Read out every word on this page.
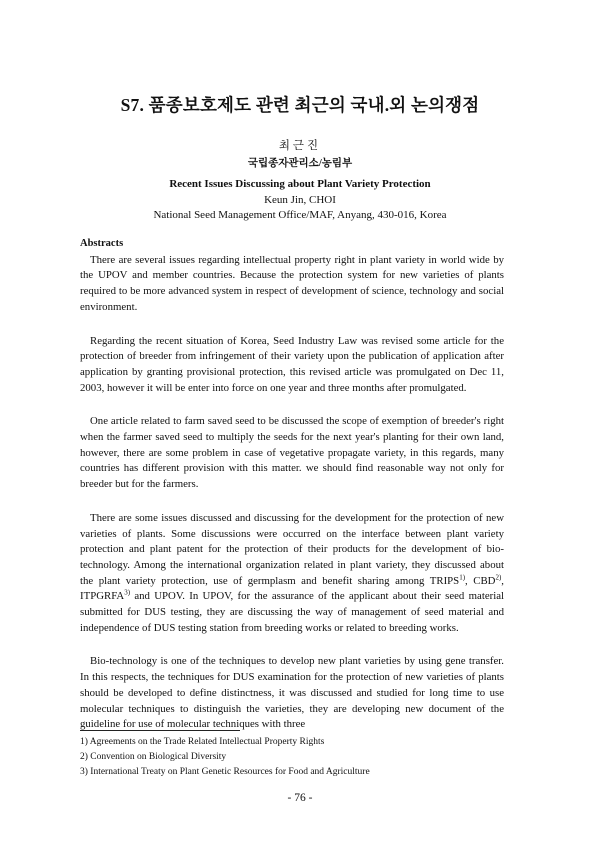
S7. 품종보호제도 관련 최근의 국내.외 논의쟁점
최근진
국립종자관리소/농림부
Recent Issues Discussing about Plant Variety Protection
Keun Jin, CHOI
National Seed Management Office/MAF, Anyang, 430-016, Korea
Abstracts

There are several issues regarding intellectual property right in plant variety in world wide by the UPOV and member countries. Because the protection system for new varieties of plants required to be more advanced system in respect of development of science, technology and social environment.

Regarding the recent situation of Korea, Seed Industry Law was revised some article for the protection of breeder from infringement of their variety upon the publication of application after application by granting provisional protection, this revised article was promulgated on Dec 11, 2003, however it will be enter into force on one year and three months after promulgated.

One article related to farm saved seed to be discussed the scope of exemption of breeder's right when the farmer saved seed to multiply the seeds for the next year's planting for their own land, however, there are some problem in case of vegetative propagate variety, in this regards, many countries has different provision with this matter. we should find reasonable way not only for breeder but for the farmers.

There are some issues discussed and discussing for the development for the protection of new varieties of plants. Some discussions were occurred on the interface between plant variety protection and plant patent for the protection of their products for the development of bio-technology. Among the international organization related in plant variety, they discussed about the plant variety protection, use of germplasm and benefit sharing among TRIPS$^{1)}$, CBD$^{2)}$, ITPGRFA$^{3)}$ and UPOV. In UPOV, for the assurance of the applicant about their seed material submitted for DUS testing, they are discussing the way of management of seed material and independence of DUS testing station from breeding works or related to breeding works.

Bio-technology is one of the techniques to develop new plant varieties by using gene transfer. In this respects, the techniques for DUS examination for the protection of new varieties of plants should be developed to define distinctness, it was discussed and studied for long time to use molecular techniques to distinguish the varieties, they are developing new document of the guideline for use of molecular techniques with three

1) Agreements on the Trade Related Intellectual Property Rights

2) Convention on Biological Diversity

3) International Treaty on Plant Genetic Resources for Food and Agriculture

- 76 -
